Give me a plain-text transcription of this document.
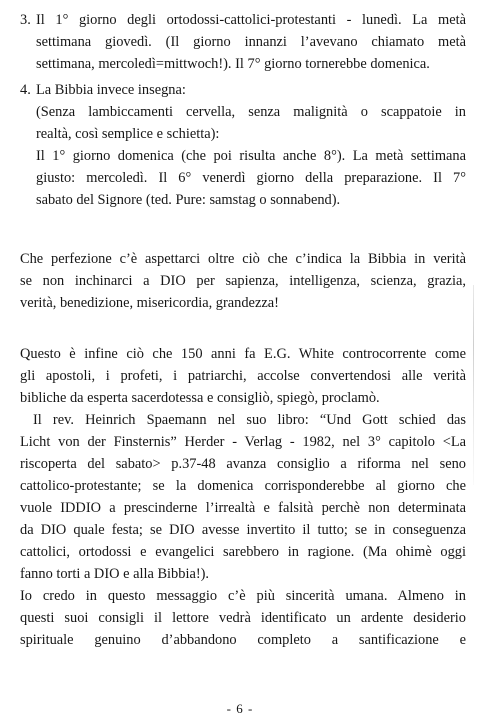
3. Il 1° giorno degli ortodossi-cattolici-protestanti - lunedì. La metà
settimana giovedì. (Il giorno innanzi l’avevano chiamato metà
settimana, mercoledì=mittwoch!). Il 7° giorno tornerebbe domenica.
4. La Bibbia invece insegna:
(Senza lambiccamenti cervella, senza malignità o scappatoie in
realtà, così semplice e schietta):
Il 1° giorno domenica (che poi risulta anche 8°). La metà settimana
giusto: mercoledì. Il 6° venerdì giorno della preparazione. Il 7°
sabato del Signore (ted. Pure: samstag o sonnabend).
Che perfezione c’è aspettarci oltre ciò che c’indica la Bibbia in verità
se non inchinarci a DIO per sapienza, intelligenza, scienza, grazia,
verità, benedizione, misericordia, grandezza!
Questo è infine ciò che 150 anni fa E.G. White controcorrente come
gli apostoli, i profeti, i patriarchi, accolse convertendosi alle verità
bibliche da esperta sacerdotessa e consigliò, spiegò, proclamò.
Il rev. Heinrich Spaemann nel suo libro: “Und Gott schied das
Licht von der Finsternis” Herder - Verlag - 1982, nel 3° capitolo <La
riscoperta del sabato> p.37-48 avanza consiglio a riforma nel seno
cattolico-protestante; se la domenica corrisponderebbe al giorno che
vuole IDDIO a prescinderne l’irrealtà e falsità perchè non determinata
da DIO quale festa; se DIO avesse invertito il tutto; se in conseguenza
cattolici, ortodossi e evangelici sarebbero in ragione. (Ma ohimè oggi
fanno torti a DIO e alla Bibbia!).
Io credo in questo messaggio c’è più sincerità umana. Almeno in
questi suoi consigli il lettore vedrà identificato un ardente desiderio
spirituale genuino d’abbandono completo a santificazione e
- 6 -
